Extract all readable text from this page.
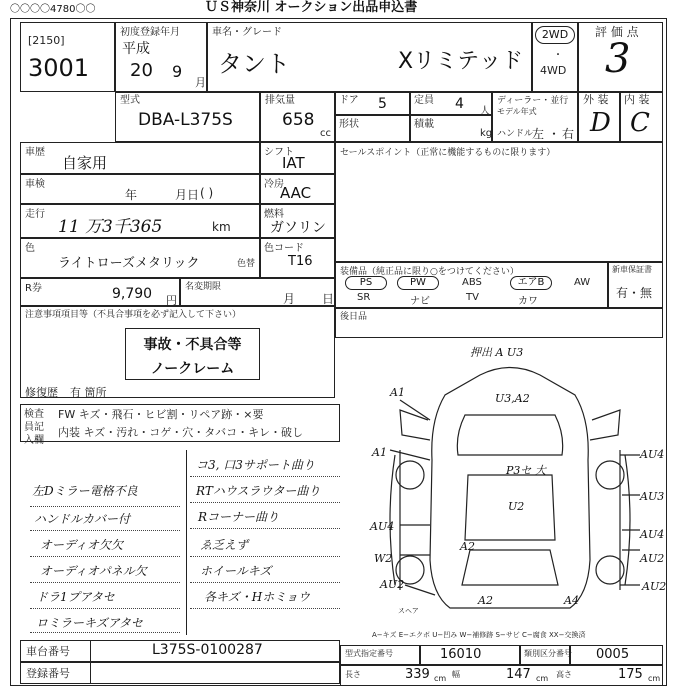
〇〇〇〇4780〇〇	ＵＳ神奈川 オークション出品申込書
[2150]
3001
初度登録年月
平成
20 9
月
車名・グレード
タント	Xリミテッド
2WD
・
4WD
評 価 点
3
型式
DBA-L375S
排気量
658
cc
ドア 5	定員 4 人
形状	積載
kg
ディーラー・並行
モデル年式
ハンドル
左 ・ 右
外 装
D
内 装
C
車歴
自家用
車検
年	月日 ( )
走行
11 万3千365	km
色
ライトローズメタリック	色替
シフト
IAT
冷房
AAC
燃料
ガソリン
色コード
T16
セールスポイント（正常に機能するものに限ります）
装備品（純正品に限り○をつけてください）
PS	PW	ABS	エアB	AW
SR	ナビ	TV	カワ
新車保証書
有・無
R券	9,790 円
名変期限
月 日
注意事項項目等（不具合事項を必ず記入して下さい）
事故・不具合等
ノークレーム
修復歴 有 箇所
後日品
検査員記入欄
FW キズ・飛石・ヒビ割・リペア跡・×要
内装 キズ・汚れ・コゲ・穴・タバコ・キレ・破し
左Dミラー電格不良
ハンドルカバー付
オーディオ欠欠
オーディオパネル欠
ドラ1プアタセ
ロミラーキズアタセ
コ3, 口3サポート曲り
RTハウスラウター曲り
Rコーナー曲り
ゑ乏えず
ホイールキズ
各キズ・Hホミョウ
押出 A U3
U3,A2
A1
A1
P3セ 大
U2
AU4
AU3
AU4
W2
A2
AU2	AU2
A2	A4
AU4
AU2
スヘア
A−キズ E−エクボ U−凹み W−補修跡 S−サビ C−腐食 XX−交換済
車台番号	L375S-0100287
登録番号
型式指定番号	16010	類別区分番号 0005
長さ	339 cm 幅	147 cm 高さ	175 cm
